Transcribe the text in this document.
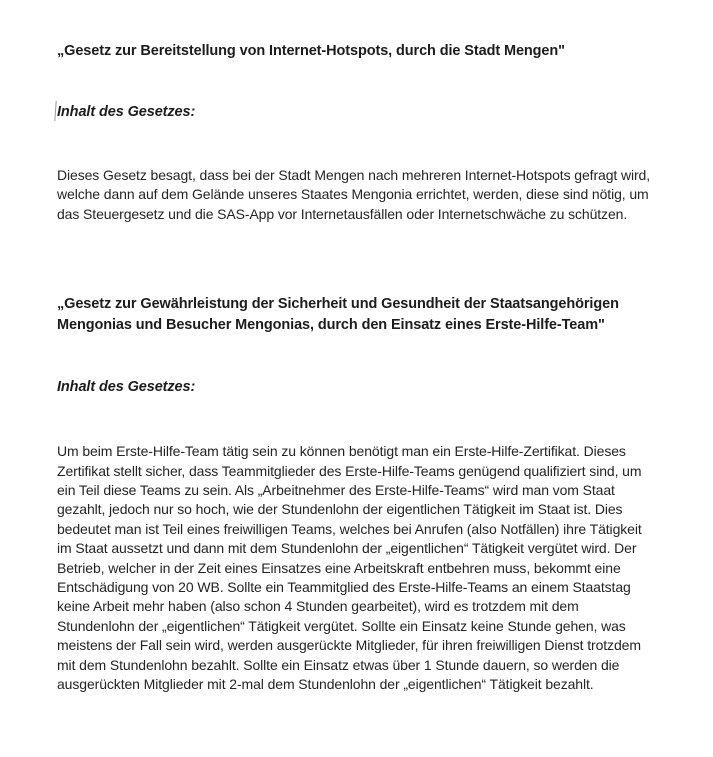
„Gesetz zur Bereitstellung von Internet-Hotspots, durch die Stadt Mengen"
Inhalt des Gesetzes:
Dieses Gesetz besagt, dass bei der Stadt Mengen nach mehreren Internet-Hotspots gefragt wird, welche dann auf dem Gelände unseres Staates Mengonia errichtet, werden, diese sind nötig, um das Steuergesetz und die SAS-App vor Internetausfällen oder Internetschwäche zu schützen.
„Gesetz zur Gewährleistung der Sicherheit und Gesundheit der Staatsangehörigen Mengonias und Besucher Mengonias, durch den Einsatz eines Erste-Hilfe-Team"
Inhalt des Gesetzes:
Um beim Erste-Hilfe-Team tätig sein zu können benötigt man ein Erste-Hilfe-Zertifikat. Dieses Zertifikat stellt sicher, dass Teammitglieder des Erste-Hilfe-Teams genügend qualifiziert sind, um ein Teil diese Teams zu sein. Als „Arbeitnehmer des Erste-Hilfe-Teams“ wird man vom Staat gezahlt, jedoch nur so hoch, wie der Stundenlohn der eigentlichen Tätigkeit im Staat ist. Dies bedeutet man ist Teil eines freiwilligen Teams, welches bei Anrufen (also Notfällen) ihre Tätigkeit im Staat aussetzt und dann mit dem Stundenlohn der „eigentlichen“ Tätigkeit vergütet wird. Der Betrieb, welcher in der Zeit eines Einsatzes eine Arbeitskraft entbehren muss, bekommt eine Entschädigung von 20 WB. Sollte ein Teammitglied des Erste-Hilfe-Teams an einem Staatstag keine Arbeit mehr haben (also schon 4 Stunden gearbeitet), wird es trotzdem mit dem Stundenlohn der „eigentlichen“ Tätigkeit vergütet. Sollte ein Einsatz keine Stunde gehen, was meistens der Fall sein wird, werden ausgerückte Mitglieder, für ihren freiwilligen Dienst trotzdem mit dem Stundenlohn bezahlt. Sollte ein Einsatz etwas über 1 Stunde dauern, so werden die ausgerückten Mitglieder mit 2-mal dem Stundenlohn der „eigentlichen“ Tätigkeit bezahlt.
